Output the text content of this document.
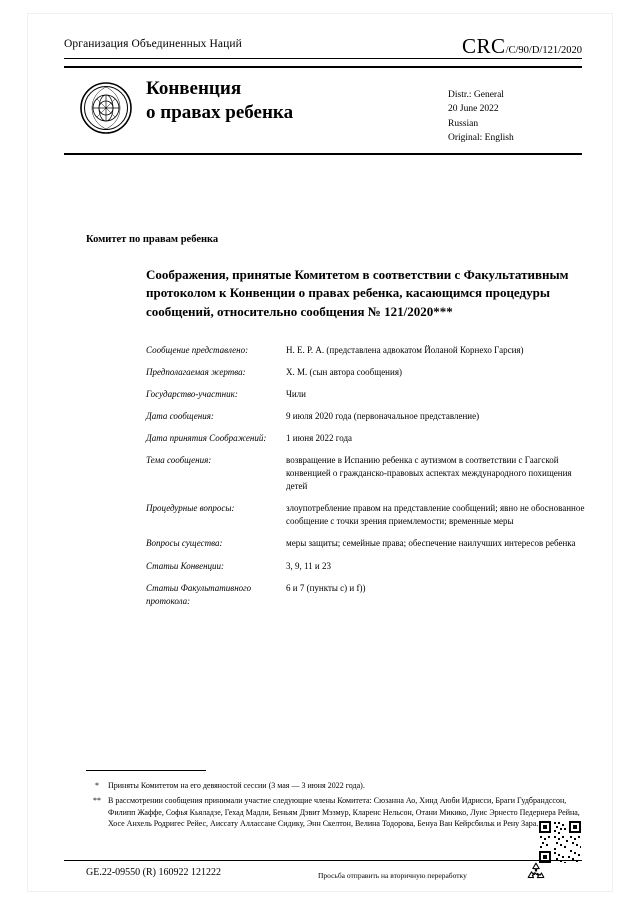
Организация Объединенных Наций	CRC/C/90/D/121/2020
Конвенция
о правах ребенка
Distr.: General
20 June 2022
Russian
Original: English
Комитет по правам ребенка
Соображения, принятые Комитетом в соответствии с Факультативным протоколом к Конвенции о правах ребенка, касающимся процедуры сообщений, относительно сообщения № 121/2020***
Сообщение представлено:	Н. Е. Р. А. (представлена адвокатом Йоланой Корнехо Гарсия)
Предполагаемая жертва:	Х. М. (сын автора сообщения)
Государство-участник:	Чили
Дата сообщения:	9 июля 2020 года (первоначальное представление)
Дата принятия Соображений:	1 июня 2022 года
Тема сообщения:	возвращение в Испанию ребенка с аутизмом в соответствии с Гаагской конвенцией о гражданско-правовых аспектах международного похищения детей
Процедурные вопросы:	злоупотребление правом на представление сообщений; явно не обоснованное сообщение с точки зрения приемлемости; временные меры
Вопросы существа:	меры защиты; семейные права; обеспечение наилучших интересов ребенка
Статьи Конвенции:	3, 9, 11 и 23
Статьи Факультативного протокола:
6 и 7 (пункты c) и f))
*	Приняты Комитетом на его девяностой сессии (3 мая — 3 июня 2022 года).
** В рассмотрении сообщения принимали участие следующие члены Комитета: Сюзанна Ао, Хинд Аюби Идрисси, Браги Гудбрандссон, Филипп Жаффе, Софья Кьяладзе, Гехад Мадли, Беньям Дэвит Мэзмур, Кларенс Нельсон, Отани Микико, Луис Эрнесто Педернера Рейна, Хосе Анхель Родригес Рейес, Аиссату Аллассане Сидику, Энн Скелтон, Велина Тодорова, Бенуа Ван Кейрсбильк и Рену Зара.
GE.22-09550 (R) 160922 121222	Просьба отправить на вторичную переработку
